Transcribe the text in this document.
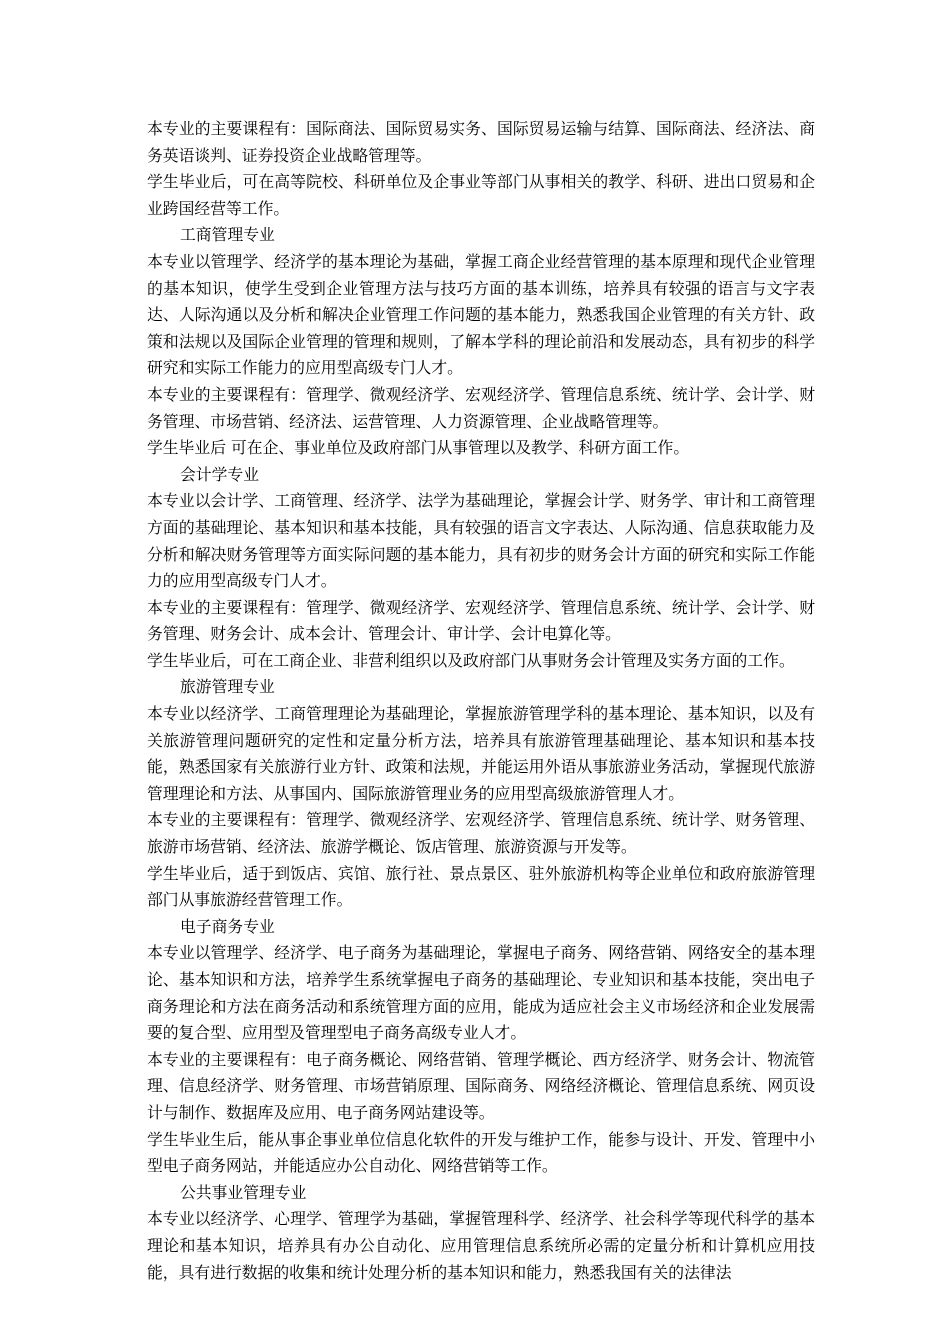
本专业的主要课程有：国际商法、国际贸易实务、国际贸易运输与结算、国际商法、经济法、商务英语谈判、证券投资企业战略管理等。

学生毕业后，可在高等院校、科研单位及企事业等部门从事相关的教学、科研、进出口贸易和企业跨国经营等工作。

工商管理专业

本专业以管理学、经济学的基本理论为基础，掌握工商企业经营管理的基本原理和现代企业管理的基本知识，使学生受到企业管理方法与技巧方面的基本训练，培养具有较强的语言与文字表达、人际沟通以及分析和解决企业管理工作问题的基本能力，熟悉我国企业管理的有关方针、政策和法规以及国际企业管理的管理和规则，了解本学科的理论前沿和发展动态，具有初步的科学研究和实际工作能力的应用型高级专门人才。

本专业的主要课程有：管理学、微观经济学、宏观经济学、管理信息系统、统计学、会计学、财务管理、市场营销、经济法、运营管理、人力资源管理、企业战略管理等。

学生毕业后 可在企、事业单位及政府部门从事管理以及教学、科研方面工作。

会计学专业

本专业以会计学、工商管理、经济学、法学为基础理论，掌握会计学、财务学、审计和工商管理方面的基础理论、基本知识和基本技能，具有较强的语言文字表达、人际沟通、信息获取能力及分析和解决财务管理等方面实际问题的基本能力，具有初步的财务会计方面的研究和实际工作能力的应用型高级专门人才。

本专业的主要课程有：管理学、微观经济学、宏观经济学、管理信息系统、统计学、会计学、财务管理、财务会计、成本会计、管理会计、审计学、会计电算化等。

学生毕业后，可在工商企业、非营利组织以及政府部门从事财务会计管理及实务方面的工作。

旅游管理专业

本专业以经济学、工商管理理论为基础理论，掌握旅游管理学科的基本理论、基本知识，以及有关旅游管理问题研究的定性和定量分析方法，培养具有旅游管理基础理论、基本知识和基本技能，熟悉国家有关旅游行业方针、政策和法规，并能运用外语从事旅游业务活动，掌握现代旅游管理理论和方法、从事国内、国际旅游管理业务的应用型高级旅游管理人才。

本专业的主要课程有：管理学、微观经济学、宏观经济学、管理信息系统、统计学、财务管理、旅游市场营销、经济法、旅游学概论、饭店管理、旅游资源与开发等。

学生毕业后，适于到饭店、宾馆、旅行社、景点景区、驻外旅游机构等企业单位和政府旅游管理部门从事旅游经营管理工作。

电子商务专业

本专业以管理学、经济学、电子商务为基础理论，掌握电子商务、网络营销、网络安全的基本理论、基本知识和方法，培养学生系统掌握电子商务的基础理论、专业知识和基本技能，突出电子商务理论和方法在商务活动和系统管理方面的应用，能成为适应社会主义市场经济和企业发展需要的复合型、应用型及管理型电子商务高级专业人才。

本专业的主要课程有：电子商务概论、网络营销、管理学概论、西方经济学、财务会计、物流管理、信息经济学、财务管理、市场营销原理、国际商务、网络经济概论、管理信息系统、网页设计与制作、数据库及应用、电子商务网站建设等。

学生毕业生后，能从事企事业单位信息化软件的开发与维护工作，能参与设计、开发、管理中小型电子商务网站，并能适应办公自动化、网络营销等工作。

公共事业管理专业

本专业以经济学、心理学、管理学为基础，掌握管理科学、经济学、社会科学等现代科学的基本理论和基本知识，培养具有办公自动化、应用管理信息系统所必需的定量分析和计算机应用技能，具有进行数据的收集和统计处理分析的基本知识和能力，熟悉我国有关的法律法
